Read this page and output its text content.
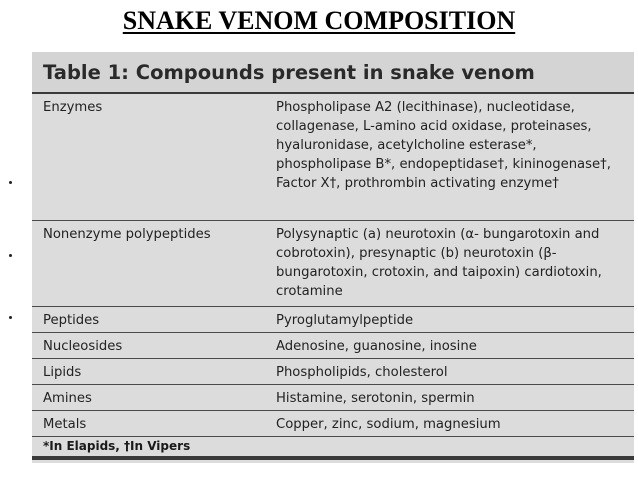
SNAKE VENOM COMPOSITION
Table 1: Compounds present in snake venom
Enzymes	Phospholipase A2 (lecithinase), nucleotidase, collagenase, L-amino acid oxidase, proteinases, hyaluronidase, acetylcholine esterase*, phospholipase B*, endopeptidase†, kininogenase†, Factor X†, prothrombin activating enzyme†
Nonenzyme polypeptides	Polysynaptic (a) neurotoxin (α- bungarotoxin and cobrotoxin), presynaptic (b) neurotoxin (β- bungarotoxin, crotoxin, and taipoxin) cardiotoxin, crotamine
Peptides	Pyroglutamylpeptide
Nucleosides	Adenosine, guanosine, inosine
Lipids	Phospholipids, cholesterol
Amines	Histamine, serotonin, spermin
Metals	Copper, zinc, sodium, magnesium
*In Elapids, †In Vipers
